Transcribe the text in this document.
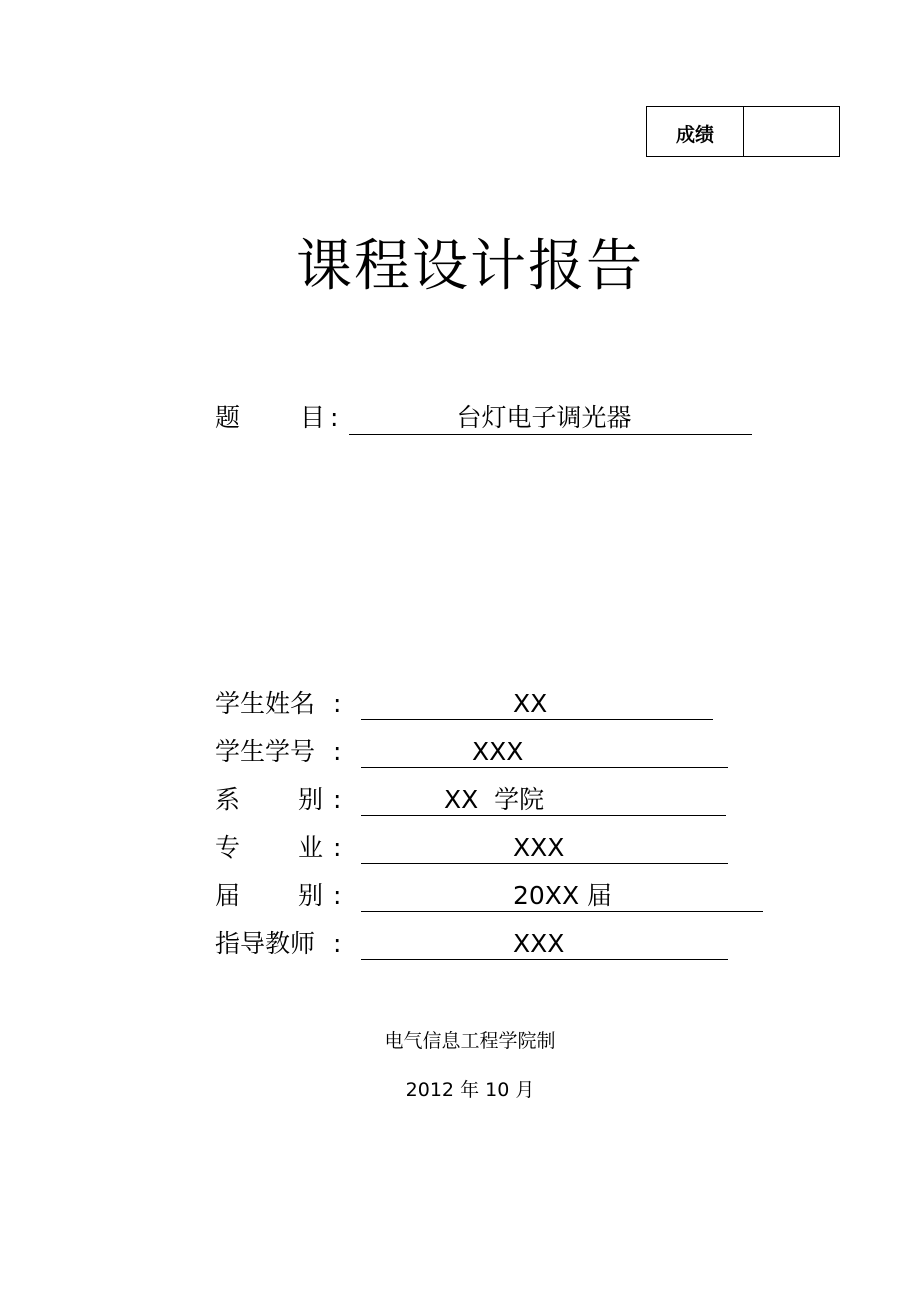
成绩
课程设计报告
题 目 :	台灯电子调光器
学生姓名 :	XX
学生学号 :	XXX
系 别 :	XX  学院
专 业 :	XXX
届 别 :	20XX 届
指导教师 :	XXX
电气信息工程学院制
2012 年 10 月
